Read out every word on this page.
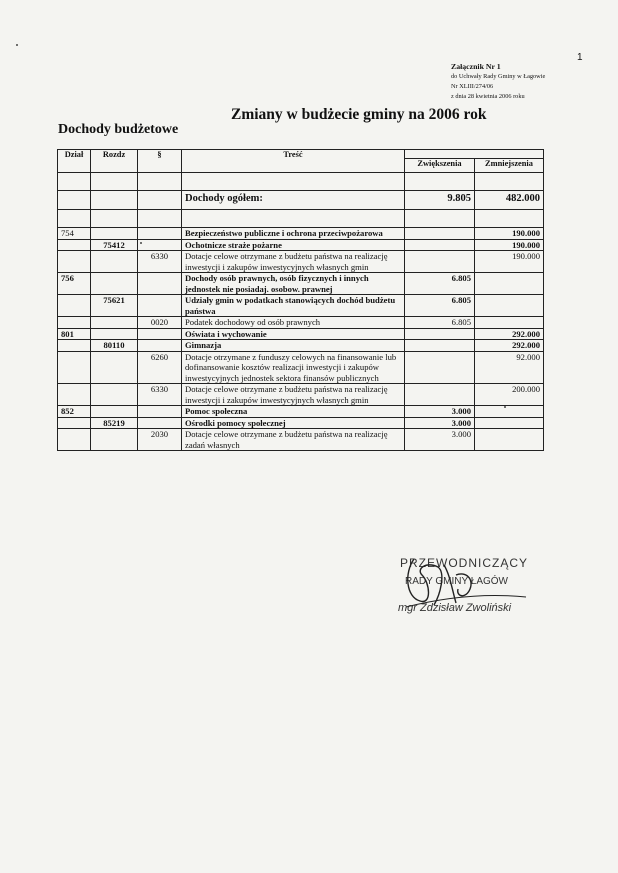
1
Załącznik Nr 1
do Uchwały Rady Gminy w Łagowie
Nr XLIII/274/06
z dnia 28 kwietnia 2006 roku
Zmiany w budżecie gminy na 2006 rok
Dochody budżetowe
Dział	Rozdz	§	Treść		
				Zwiększenia	Zmniejszenia

			Dochody ogółem:	9.805	482.000

754			Bezpieczeństwo publiczne i ochrona przeciwpożarowa		190.000
	75412		Ochotnicze straże pożarne		190.000
		6330	Dotacje celowe otrzymane z budżetu państwa na realizację inwestycji i zakupów inwestycyjnych własnych gmin		190.000
756			Dochody osób prawnych, osób fizycznych i innych jednostek nie posiadaj. osobow. prawnej	6.805	
	75621		Udziały gmin w podatkach stanowiących dochód budżetu państwa	6.805	
		0020	Podatek dochodowy od osób prawnych	6.805	
801			Oświata i wychowanie		292.000
	80110		Gimnazja		292.000
		6260	Dotacje otrzymane z funduszy celowych na finansowanie lub dofinansowanie kosztów realizacji inwestycji i zakupów inwestycyjnych jednostek sektora finansów publicznych		92.000
		6330	Dotacje celowe otrzymane z budżetu państwa na realizację inwestycji i zakupów inwestycyjnych własnych gmin		200.000
852			Pomoc społeczna	3.000	
	85219		Ośrodki pomocy społecznej	3.000	
		2030	Dotacje celowe otrzymane z budżetu państwa na realizację zadań własnych	3.000	
PRZEWODNICZĄCY
RADY GMINY ŁAGÓW
mgr Zdzisław Zwoliński
